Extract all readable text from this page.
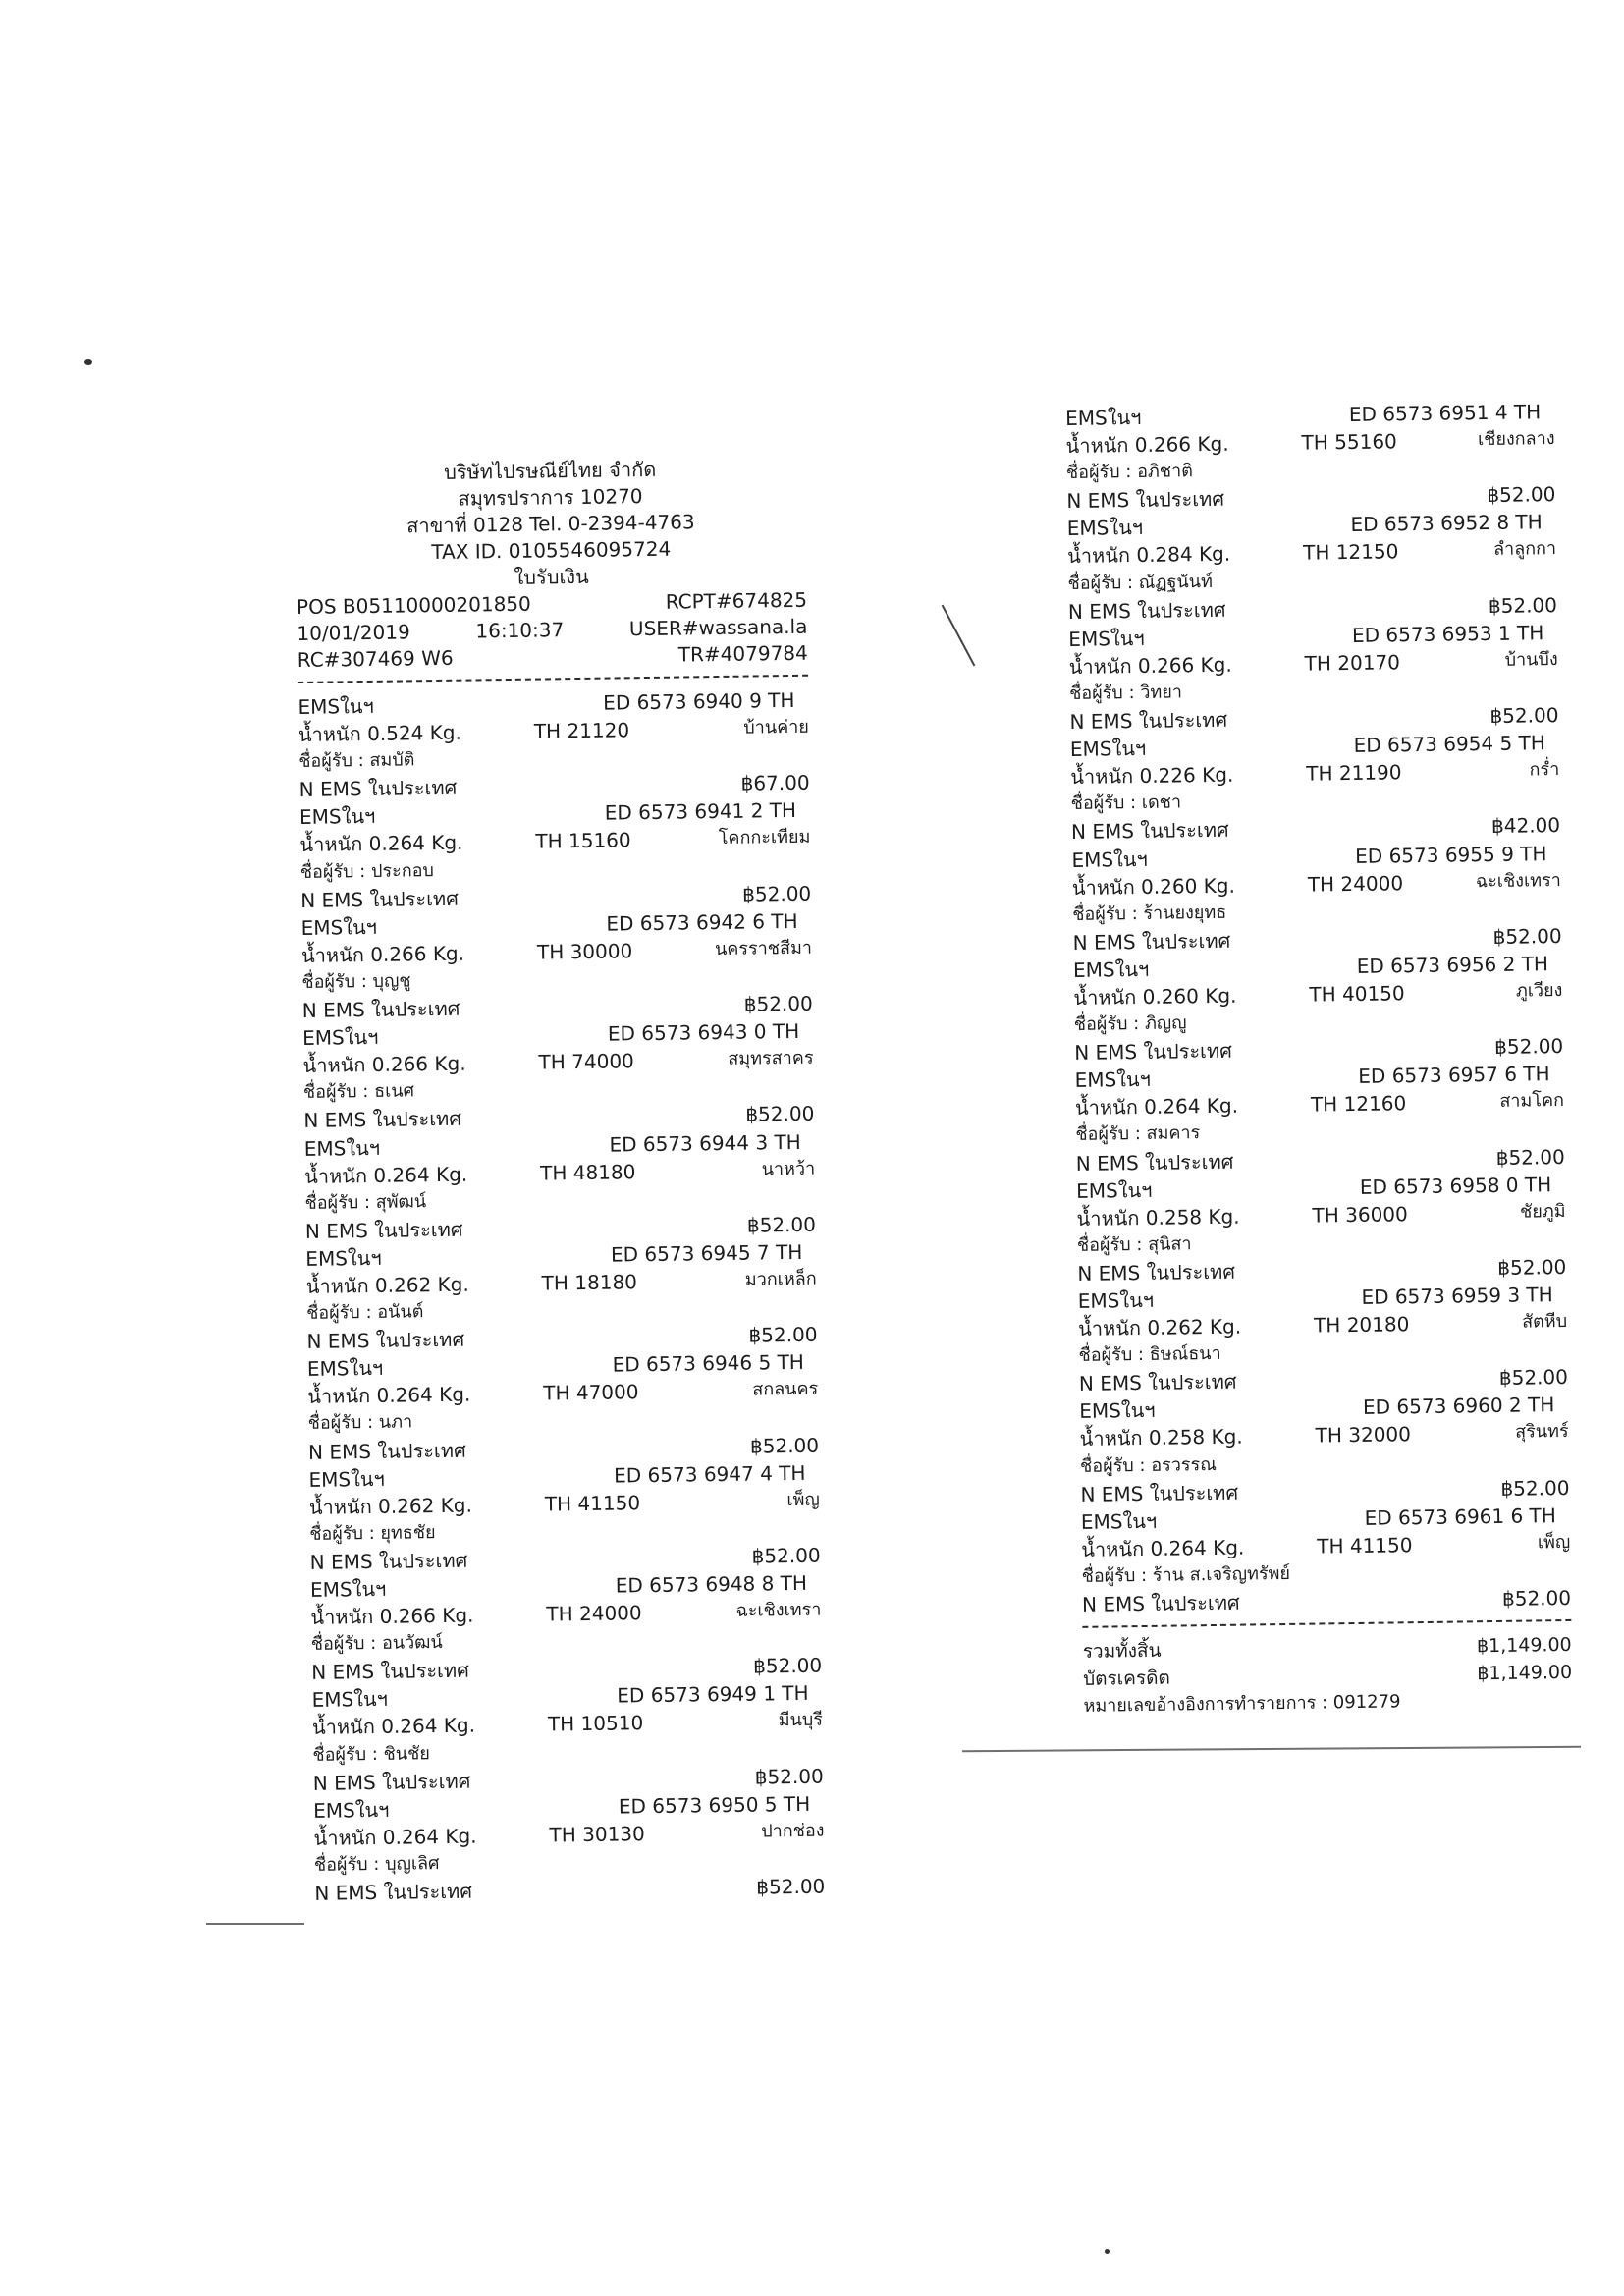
บริษัทไปรษณีย์ไทย จำกัด
สมุทรปราการ 10270
สาขาที่ 0128 Tel. 0-2394-4763
TAX ID. 0105546095724
ใบรับเงิน
POS B05110000201850	RCPT#674825
10/01/2019	16:10:37	USER#wassana.la
RC#307469 W6	TR#4079784
EMSในฯ	ED 6573 6940 9 TH
น้ำหนัก 0.524 Kg.	TH 21120	บ้านค่าย
ชื่อผู้รับ : สมบัติ
N EMS ในประเทศ	฿67.00
EMSในฯ	ED 6573 6941 2 TH
น้ำหนัก 0.264 Kg.	TH 15160	โคกกะเทียม
ชื่อผู้รับ : ประกอบ
N EMS ในประเทศ	฿52.00
EMSในฯ	ED 6573 6942 6 TH
น้ำหนัก 0.266 Kg.	TH 30000	นครราชสีมา
ชื่อผู้รับ : บุญชู
N EMS ในประเทศ	฿52.00
EMSในฯ	ED 6573 6943 0 TH
น้ำหนัก 0.266 Kg.	TH 74000	สมุทรสาคร
ชื่อผู้รับ : ธเนศ
N EMS ในประเทศ	฿52.00
EMSในฯ	ED 6573 6944 3 TH
น้ำหนัก 0.264 Kg.	TH 48180	นาหว้า
ชื่อผู้รับ : สุพัฒน์
N EMS ในประเทศ	฿52.00
EMSในฯ	ED 6573 6945 7 TH
น้ำหนัก 0.262 Kg.	TH 18180	มวกเหล็ก
ชื่อผู้รับ : อนันต์
N EMS ในประเทศ	฿52.00
EMSในฯ	ED 6573 6946 5 TH
น้ำหนัก 0.264 Kg.	TH 47000	สกลนคร
ชื่อผู้รับ : นภา
N EMS ในประเทศ	฿52.00
EMSในฯ	ED 6573 6947 4 TH
น้ำหนัก 0.262 Kg.	TH 41150	เพ็ญ
ชื่อผู้รับ : ยุทธชัย
N EMS ในประเทศ	฿52.00
EMSในฯ	ED 6573 6948 8 TH
น้ำหนัก 0.266 Kg.	TH 24000	ฉะเชิงเทรา
ชื่อผู้รับ : อนวัฒน์
N EMS ในประเทศ	฿52.00
EMSในฯ	ED 6573 6949 1 TH
น้ำหนัก 0.264 Kg.	TH 10510	มีนบุรี
ชื่อผู้รับ : ชินชัย
N EMS ในประเทศ	฿52.00
EMSในฯ	ED 6573 6950 5 TH
น้ำหนัก 0.264 Kg.	TH 30130	ปากช่อง
ชื่อผู้รับ : บุญเลิศ
N EMS ในประเทศ	฿52.00
EMSในฯ	ED 6573 6951 4 TH
น้ำหนัก 0.266 Kg.	TH 55160	เชียงกลาง
ชื่อผู้รับ : อภิชาติ
N EMS ในประเทศ	฿52.00
EMSในฯ	ED 6573 6952 8 TH
น้ำหนัก 0.284 Kg.	TH 12150	ลำลูกกา
ชื่อผู้รับ : ณัฏฐนันท์
N EMS ในประเทศ	฿52.00
EMSในฯ	ED 6573 6953 1 TH
น้ำหนัก 0.266 Kg.	TH 20170	บ้านบึง
ชื่อผู้รับ : วิทยา
N EMS ในประเทศ	฿52.00
EMSในฯ	ED 6573 6954 5 TH
น้ำหนัก 0.226 Kg.	TH 21190	กร่ำ
ชื่อผู้รับ : เดชา
N EMS ในประเทศ	฿42.00
EMSในฯ	ED 6573 6955 9 TH
น้ำหนัก 0.260 Kg.	TH 24000	ฉะเชิงเทรา
ชื่อผู้รับ : ร้านยงยุทธ
N EMS ในประเทศ	฿52.00
EMSในฯ	ED 6573 6956 2 TH
น้ำหนัก 0.260 Kg.	TH 40150	ภูเวียง
ชื่อผู้รับ : ภิญญู
N EMS ในประเทศ	฿52.00
EMSในฯ	ED 6573 6957 6 TH
น้ำหนัก 0.264 Kg.	TH 12160	สามโคก
ชื่อผู้รับ : สมคาร
N EMS ในประเทศ	฿52.00
EMSในฯ	ED 6573 6958 0 TH
น้ำหนัก 0.258 Kg.	TH 36000	ชัยภูมิ
ชื่อผู้รับ : สุนิสา
N EMS ในประเทศ	฿52.00
EMSในฯ	ED 6573 6959 3 TH
น้ำหนัก 0.262 Kg.	TH 20180	สัตหีบ
ชื่อผู้รับ : ธิษณ์ธนา
N EMS ในประเทศ	฿52.00
EMSในฯ	ED 6573 6960 2 TH
น้ำหนัก 0.258 Kg.	TH 32000	สุรินทร์
ชื่อผู้รับ : อรวรรณ
N EMS ในประเทศ	฿52.00
EMSในฯ	ED 6573 6961 6 TH
น้ำหนัก 0.264 Kg.	TH 41150	เพ็ญ
ชื่อผู้รับ : ร้าน ส.เจริญทรัพย์
N EMS ในประเทศ	฿52.00
รวมทั้งสิ้น	฿1,149.00
บัตรเครดิต	฿1,149.00
หมายเลขอ้างอิงการทำรายการ : 091279
